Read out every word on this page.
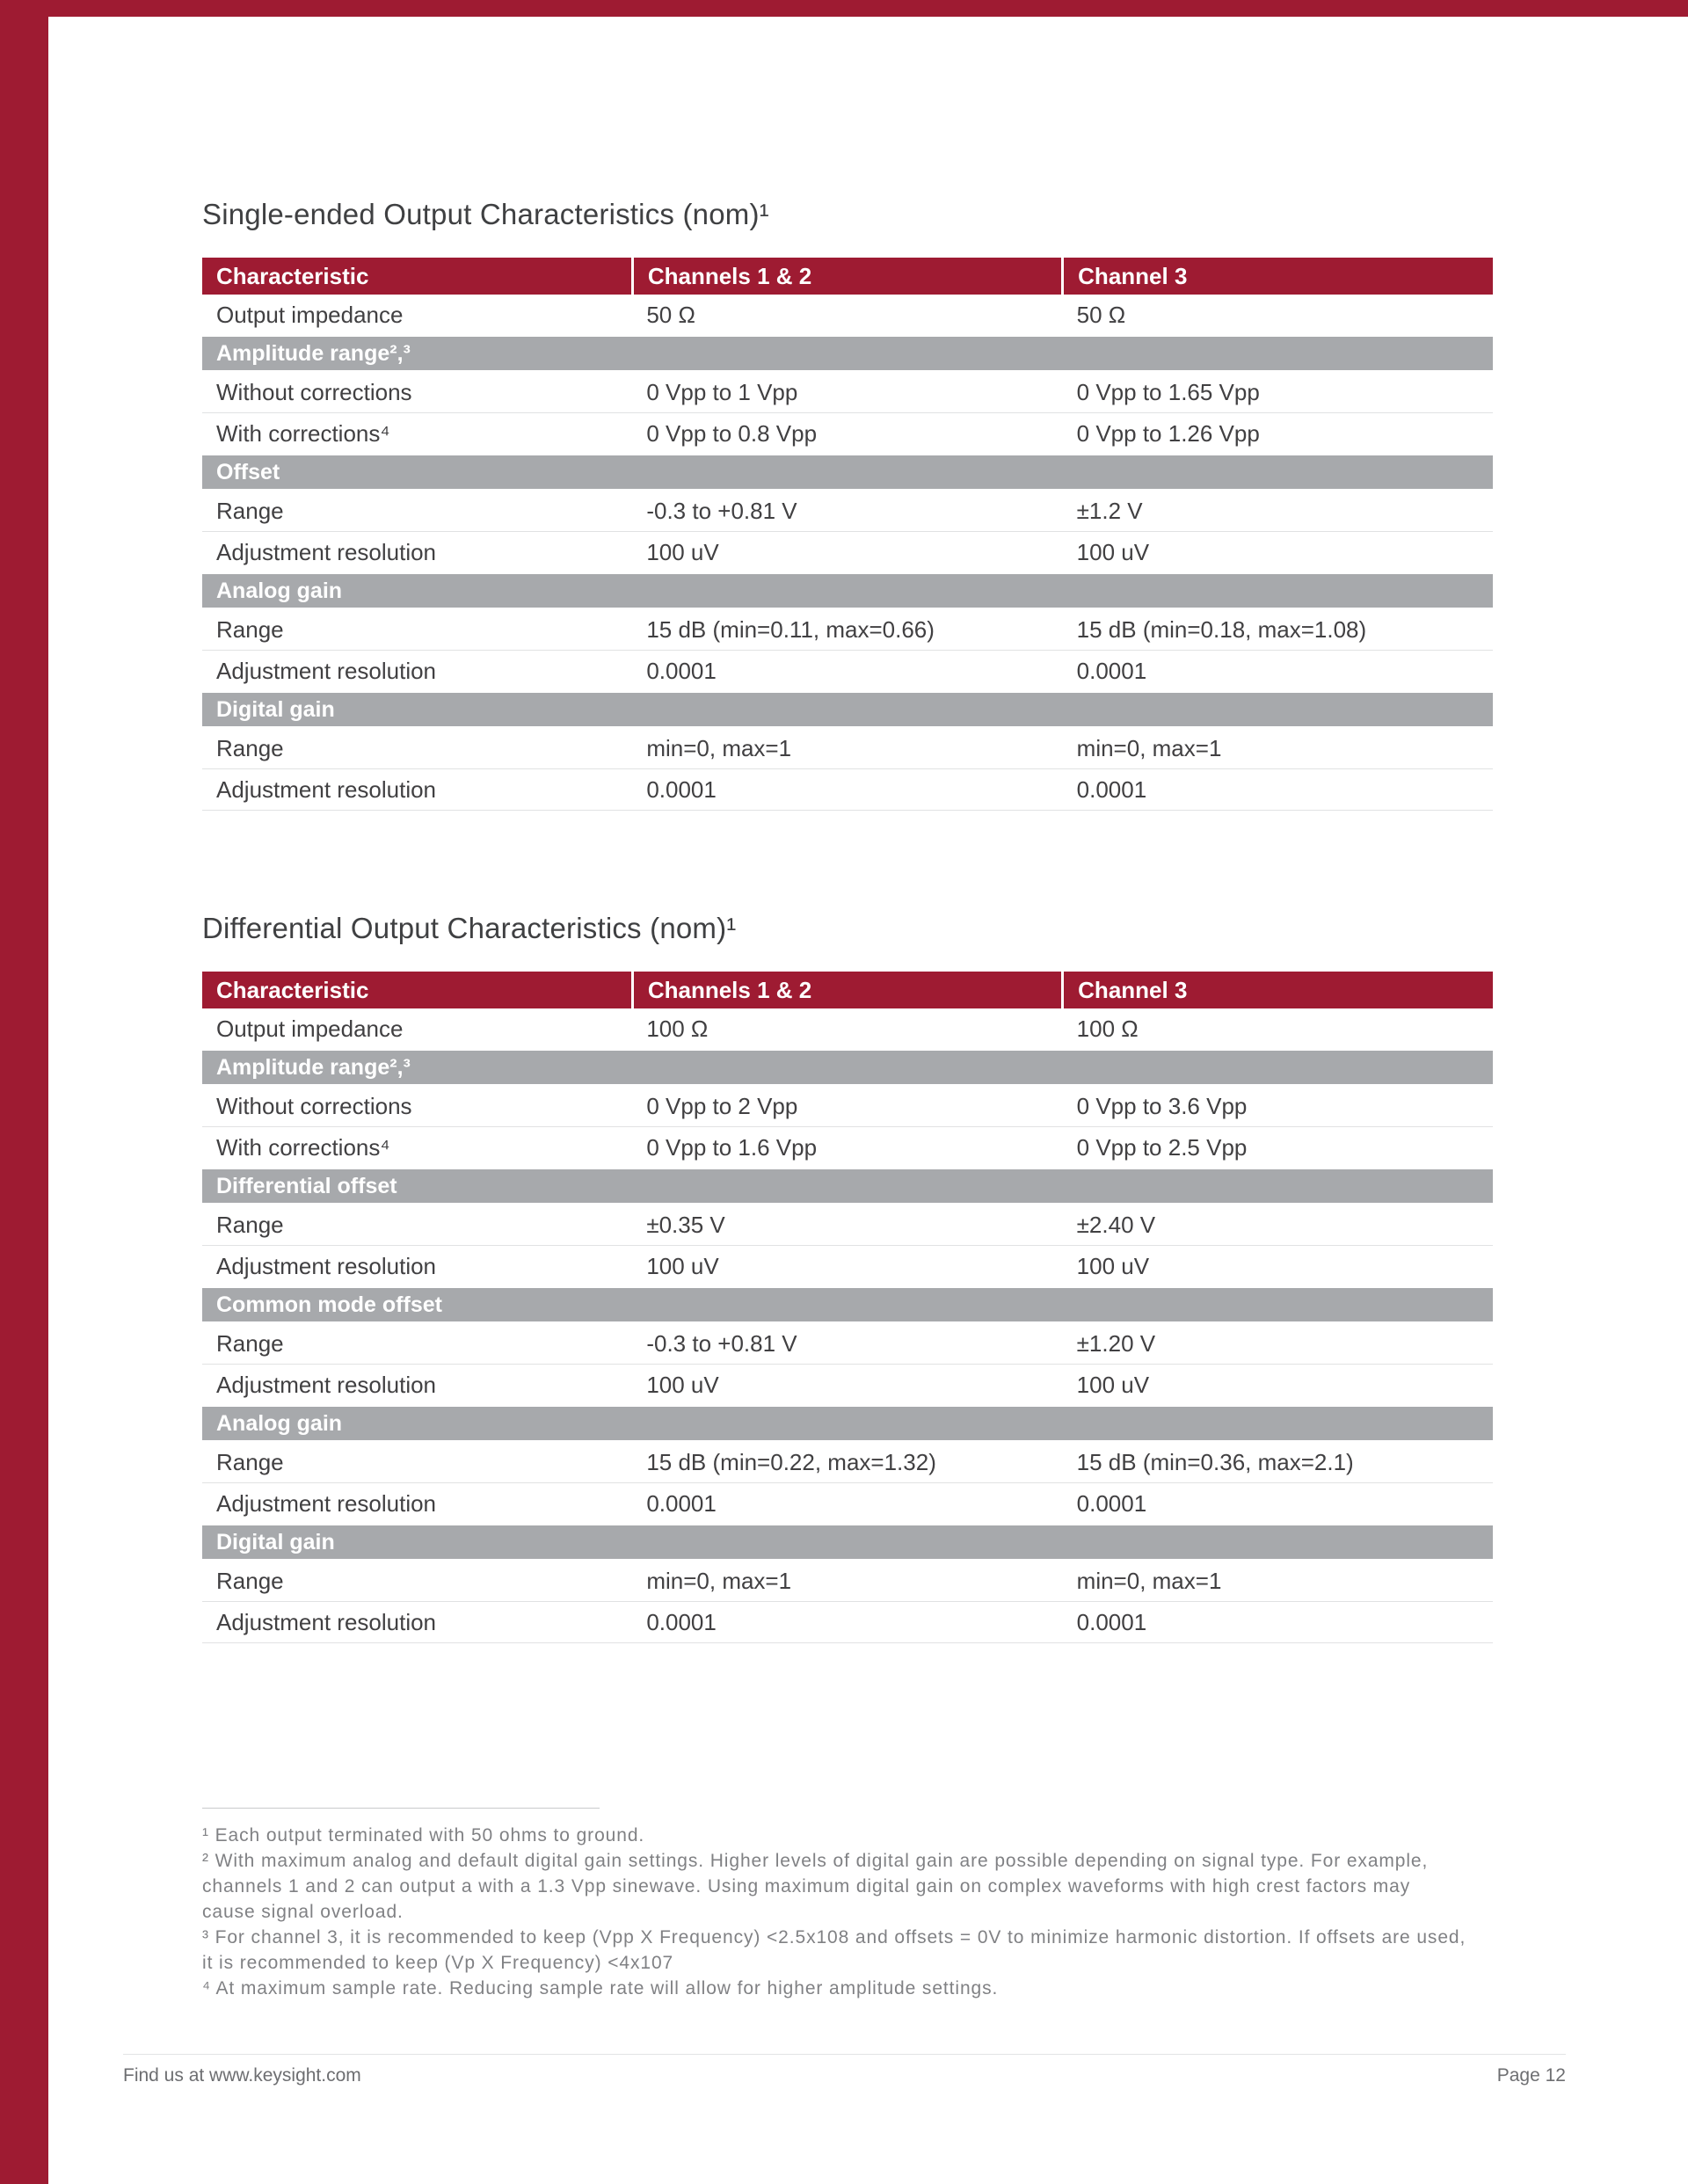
Single-ended Output Characteristics (nom)¹
Characteristic	Channels 1 & 2	Channel 3
Output impedance	50 Ω	50 Ω
Amplitude range²,³		
Without corrections	0 Vpp to 1 Vpp	0 Vpp to 1.65 Vpp
With corrections⁴	0 Vpp to 0.8 Vpp	0 Vpp to 1.26 Vpp
Offset		
Range	-0.3 to +0.81 V	±1.2 V
Adjustment resolution	100 uV	100 uV
Analog gain		
Range	15 dB (min=0.11, max=0.66)	15 dB (min=0.18, max=1.08)
Adjustment resolution	0.0001	0.0001
Digital gain		
Range	min=0, max=1	min=0, max=1
Adjustment resolution	0.0001	0.0001
Differential Output Characteristics (nom)¹
Characteristic	Channels 1 & 2	Channel 3
Output impedance	100 Ω	100 Ω
Amplitude range²,³		
Without corrections	0 Vpp to 2 Vpp	0 Vpp to 3.6 Vpp
With corrections⁴	0 Vpp to 1.6 Vpp	0 Vpp to 2.5 Vpp
Differential offset		
Range	±0.35 V	±2.40 V
Adjustment resolution	100 uV	100 uV
Common mode offset		
Range	-0.3 to +0.81 V	±1.20 V
Adjustment resolution	100 uV	100 uV
Analog gain		
Range	15 dB (min=0.22, max=1.32)	15 dB (min=0.36, max=2.1)
Adjustment resolution	0.0001	0.0001
Digital gain		
Range	min=0, max=1	min=0, max=1
Adjustment resolution	0.0001	0.0001

¹ Each output terminated with 50 ohms to ground.

² With maximum analog and default digital gain settings. Higher levels of digital gain are possible depending on signal type. For example, channels 1 and 2 can output a with a 1.3 Vpp sinewave. Using maximum digital gain on complex waveforms with high crest factors may cause signal overload.

³ For channel 3, it is recommended to keep (Vpp X Frequency) <2.5x108 and offsets = 0V to minimize harmonic distortion. If offsets are used, it is recommended to keep (Vp X Frequency) <4x107

⁴ At maximum sample rate. Reducing sample rate will allow for higher amplitude settings.

Find us at www.keysight.com	Page 12
